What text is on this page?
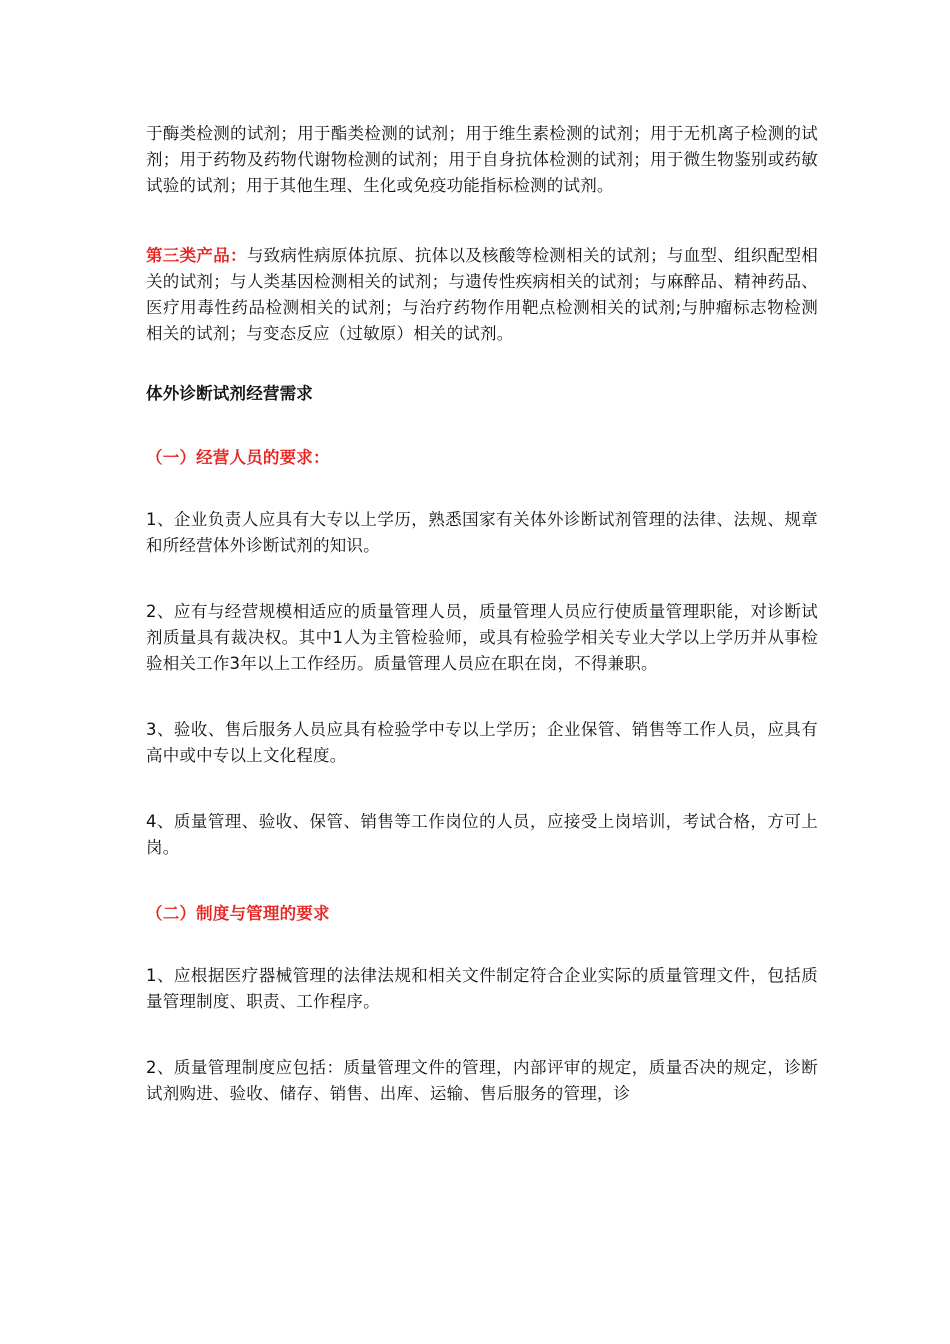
于酶类检测的试剂；用于酯类检测的试剂；用于维生素检测的试剂；用于无机离子检测的试剂；用于药物及药物代谢物检测的试剂；用于自身抗体检测的试剂；用于微生物鉴别或药敏试验的试剂；用于其他生理、生化或免疫功能指标检测的试剂。

第三类产品：与致病性病原体抗原、抗体以及核酸等检测相关的试剂；与血型、组织配型相关的试剂；与人类基因检测相关的试剂；与遗传性疾病相关的试剂；与麻醉品、精神药品、医疗用毒性药品检测相关的试剂；与治疗药物作用靶点检测相关的试剂;与肿瘤标志物检测相关的试剂；与变态反应（过敏原）相关的试剂。

体外诊断试剂经营需求

（一）经营人员的要求：

1、企业负责人应具有大专以上学历，熟悉国家有关体外诊断试剂管理的法律、法规、规章和所经营体外诊断试剂的知识。

2、应有与经营规模相适应的质量管理人员，质量管理人员应行使质量管理职能，对诊断试剂质量具有裁决权。其中1人为主管检验师，或具有检验学相关专业大学以上学历并从事检验相关工作3年以上工作经历。质量管理人员应在职在岗，不得兼职。

3、验收、售后服务人员应具有检验学中专以上学历；企业保管、销售等工作人员，应具有高中或中专以上文化程度。

4、质量管理、验收、保管、销售等工作岗位的人员，应接受上岗培训，考试合格，方可上岗。

（二）制度与管理的要求

1、应根据医疗器械管理的法律法规和相关文件制定符合企业实际的质量管理文件，包括质量管理制度、职责、工作程序。

2、质量管理制度应包括：质量管理文件的管理，内部评审的规定，质量否决的规定，诊断试剂购进、验收、储存、销售、出库、运输、售后服务的管理，诊
